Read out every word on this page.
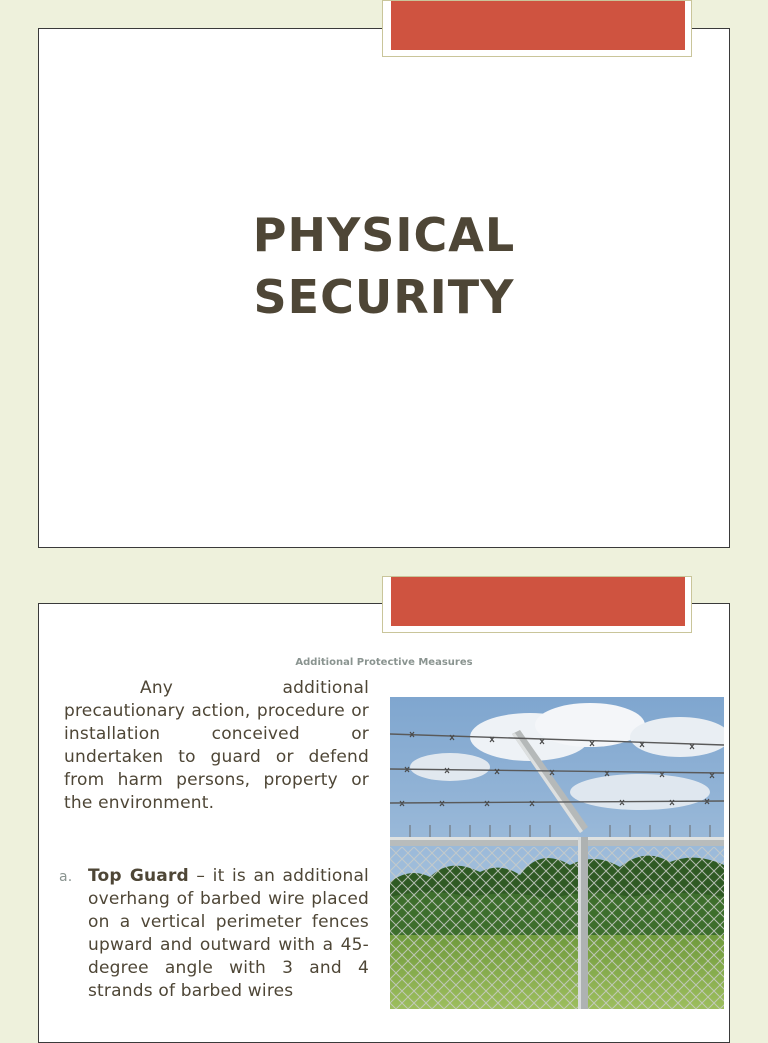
PHYSICAL
SECURITY
Additional Protective Measures
Any additional precautionary action, procedure or installation conceived or undertaken to guard or defend from harm persons, property or the environment.
a. Top Guard – it is an additional overhang of barbed wire placed on a vertical perimeter fences upward and outward with a 45-degree angle with 3 and 4 strands of barbed wires
